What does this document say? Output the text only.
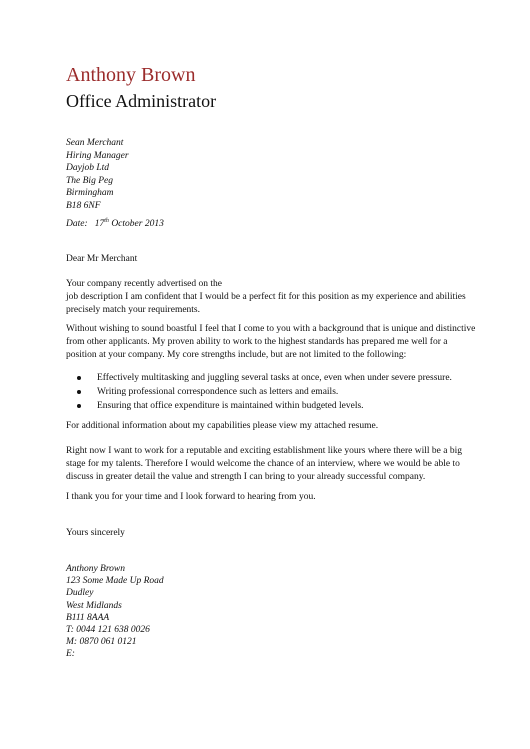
Anthony Brown
Office Administrator
Sean Merchant
Hiring Manager
Dayjob Ltd
The Big Peg
Birmingham
B18 6NF
Date: 17th October 2013

Dear Mr Merchant

Your company recently advertised on the
job description I am confident that I would be a perfect fit for this position as my experience and abilities
precisely match your requirements.
Without wishing to sound boastful I feel that I come to you with a background that is unique and distinctive
from other applicants. My proven ability to work to the highest standards has prepared me well for a
position at your company. My core strengths include, but are not limited to the following:
Effectively multitasking and juggling several tasks at once, even when under severe pressure.
Writing professional correspondence such as letters and emails.
Ensuring that office expenditure is maintained within budgeted levels.
For additional information about my capabilities please view my attached resume.
Right now I want to work for a reputable and exciting establishment like yours where there will be a big
stage for my talents. Therefore I would welcome the chance of an interview, where we would be able to
discuss in greater detail the value and strength I can bring to your already successful company.
I thank you for your time and I look forward to hearing from you.
Yours sincerely
Anthony Brown
123 Some Made Up Road
Dudley
West Midlands
B111 8AAA
T: 0044 121 638 0026
M: 0870 061 0121
E:
